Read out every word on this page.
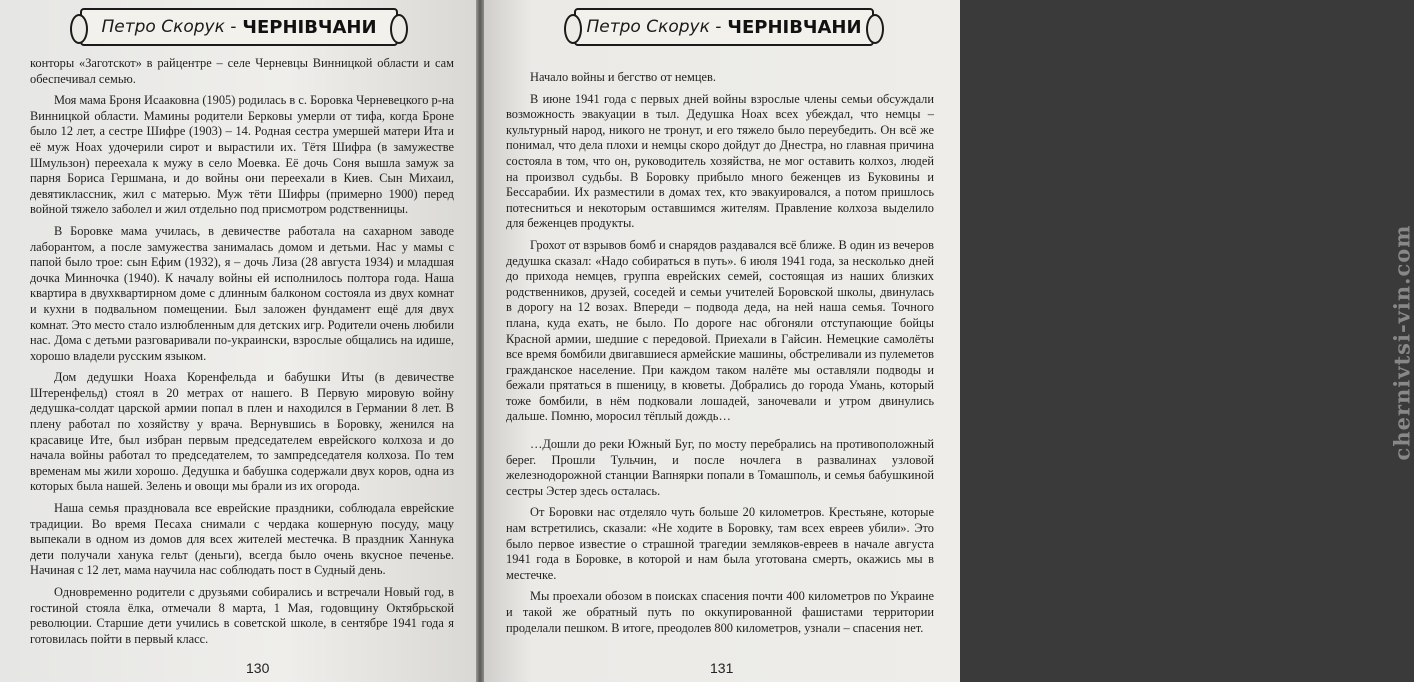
Петро Скорук - ЧЕРНІВЧАНИ

конторы «Заготскот» в райцентре – селе Черневцы Винницкой области и сам обеспечивал семью.

Моя мама Броня Исааковна (1905) родилась в с. Боровка Черневецкого р-на Винницкой области. Мамины родители Берковы умерли от тифа, когда Броне было 12 лет, а сестре Шифре (1903) – 14. Родная сестра умершей матери Ита и её муж Ноах удочерили сирот и вырастили их. Тётя Шифра (в замужестве Шмульзон) переехала к мужу в село Моевка. Её дочь Соня вышла замуж за парня Бориса Гершмана, и до войны они переехали в Киев. Сын Михаил, девятиклассник, жил с матерью. Муж тёти Шифры (примерно 1900) перед войной тяжело заболел и жил отдельно под присмотром родственницы.

В Боровке мама училась, в девичестве работала на сахарном заводе лаборантом, а после замужества занималась домом и детьми. Нас у мамы с папой было трое: сын Ефим (1932), я – дочь Лиза (28 августа 1934) и младшая дочка Минночка (1940). К началу войны ей исполнилось полтора года. Наша квартира в двухквартирном доме с длинным балконом состояла из двух комнат и кухни в подвальном помещении. Был заложен фундамент ещё для двух комнат. Это место стало излюбленным для детских игр. Родители очень любили нас. Дома с детьми разговаривали по-украински, взрослые общались на идише, хорошо владели русским языком.

Дом дедушки Ноаха Коренфельда и бабушки Иты (в девичестве Штеренфельд) стоял в 20 метрах от нашего. В Первую мировую войну дедушка-солдат царской армии попал в плен и находился в Германии 8 лет. В плену работал по хозяйству у врача. Вернувшись в Боровку, женился на красавице Ите, был избран первым председателем еврейского колхоза и до начала войны работал то председателем, то зампредседателя колхоза. По тем временам мы жили хорошо. Дедушка и бабушка содержали двух коров, одна из которых была нашей. Зелень и овощи мы брали из их огорода.

Наша семья праздновала все еврейские праздники, соблюдала еврейские традиции. Во время Песаха снимали с чердака кошерную посуду, мацу выпекали в одном из домов для всех жителей местечка. В праздник Ханнука дети получали ханука гельт (деньги), всегда было очень вкусное печенье. Начиная с 12 лет, мама научила нас соблюдать пост в Судный день.

Одновременно родители с друзьями собирались и встречали Новый год, в гостиной стояла ёлка, отмечали 8 марта, 1 Мая, годовщину Октябрьской революции. Старшие дети учились в советской школе, в сентябре 1941 года я готовилась пойти в первый класс.

130
chernivtsi-vin.com
Петро Скорук - ЧЕРНІВЧАНИ

Начало войны и бегство от немцев.

В июне 1941 года с первых дней войны взрослые члены семьи обсуждали возможность эвакуации в тыл. Дедушка Ноах всех убеждал, что немцы – культурный народ, никого не тронут, и его тяжело было переубедить. Он всё же понимал, что дела плохи и немцы скоро дойдут до Днестра, но главная причина состояла в том, что он, руководитель хозяйства, не мог оставить колхоз, людей на произвол судьбы. В Боровку прибыло много беженцев из Буковины и Бессарабии. Их разместили в домах тех, кто эвакуировался, а потом пришлось потесниться и некоторым оставшимся жителям. Правление колхоза выделило для беженцев продукты.

Грохот от взрывов бомб и снарядов раздавался всё ближе. В один из вечеров дедушка сказал: «Надо собираться в путь». 6 июля 1941 года, за несколько дней до прихода немцев, группа еврейских семей, состоящая из наших близких родственников, друзей, соседей и семьи учителей Боровской школы, двинулась в дорогу на 12 возах. Впереди – подвода деда, на ней наша семья. Точного плана, куда ехать, не было. По дороге нас обгоняли отступающие бойцы Красной армии, шедшие с передовой. Приехали в Гайсин. Немецкие самолёты все время бомбили двигавшиеся армейские машины, обстреливали из пулеметов гражданское население. При каждом таком налёте мы оставляли подводы и бежали прятаться в пшеницу, в кюветы. Добрались до города Умань, который тоже бомбили, в нём подковали лошадей, заночевали и утром двинулись дальше. Помню, моросил тёплый дождь…

…Дошли до реки Южный Буг, по мосту перебрались на противоположный берег. Прошли Тульчин, и после ночлега в развалинах узловой железнодорожной станции Вапнярки попали в Томашполь, и семья бабушкиной сестры Эстер здесь осталась.

От Боровки нас отделяло чуть больше 20 километров. Крестьяне, которые нам встретились, сказали: «Не ходите в Боровку, там всех евреев убили». Это было первое известие о страшной трагедии земляков-евреев в начале августа 1941 года в Боровке, в которой и нам была уготована смерть, окажись мы в местечке.

Мы проехали обозом в поисках спасения почти 400 километров по Украине и такой же обратный путь по оккупированной фашистами территории проделали пешком. В итоге, преодолев 800 километров, узнали – спасения нет.

131
